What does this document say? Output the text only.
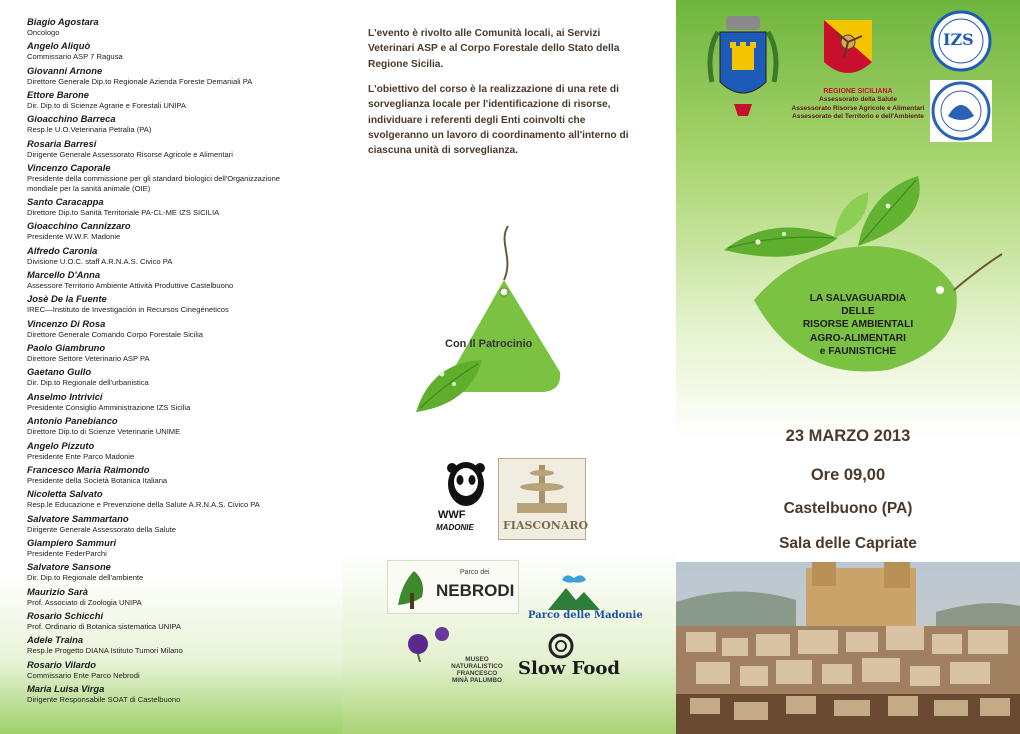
Biagio Agostara
Oncologo
Angelo Aliquò
Commissario ASP 7 Ragusa
Giovanni Arnone
Direttore Generale Dip.to Regionale Azienda Foreste Demaniali PA
Ettore Barone
Dir. Dip.to di Scienze Agrarie e Forestali UNIPA
Gioacchino Barreca
Resp.le U.O.Veterinaria Petralia (PA)
Rosaria Barresi
Dirigente Generale Assessorato Risorse Agricole e Alimentari
Vincenzo Caporale
Presidente della commissione per gli standard biologici dell'Organizzazione mondiale per la sanità animale (OIE)
Santo Caracappa
Direttore Dip.to Sanità Territoriale PA-CL-ME IZS SICILIA
Gioacchino Cannizzaro
Presidente W.W.F. Madonie
Alfredo Caronia
Divisione U.O.C. staff A.R.N.A.S. Civico PA
Marcello D'Anna
Assessore Territorio Ambiente Attività Produttive Castelbuono
Josè De la Fuente
IREC—Instituto de Investigación in Recursos Cinegéneticos
Vincenzo Di Rosa
Direttore Generale Comando Corpo Forestale Sicilia
Paolo Giambruno
Direttore Settore Veterinario ASP PA
Gaetano Gullo
Dir. Dip.to Regionale dell'urbanistica
Anselmo Intrivici
Presidente Consiglio Amministrazione IZS Sicilia
Antonio Panebianco
Direttore Dip.to di Scienze Veterinarie UNIME
Angelo Pizzuto
Presidente Ente Parco Madonie
Francesco Maria Raimondo
Presidente della Società Botanica Italiana
Nicoletta Salvato
Resp.le Educazione e Prevenzione della Salute A.R.N.A.S. Civico PA
Salvatore Sammartano
Dirigente Generale Assessorato della Salute
Giampiero Sammuri
Presidente FederParchi
Salvatore Sansone
Dir. Dip.to Regionale dell'ambiente
Maurizio Sarà
Prof. Associato di Zoologia UNIPA
Rosario Schicchi
Prof. Ordinario di Botanica sistematica UNIPA
Adele Traina
Resp.le Progetto DIANA Istituto Tumori Milano
Rosario Vilardo
Commissario Ente Parco Nebrodi
Maria Luisa Virga
Dirigente Responsabile SOAT di Castelbuono
L'evento è rivolto alle Comunità locali, ai Servizi Veterinari ASP e al Corpo Forestale dello Stato della Regione Sicilia.
L'obiettivo del corso è la realizzazione di una rete di sorveglianza locale per l'identificazione di risorse, individuare i referenti degli Enti coinvolti che svolgeranno un lavoro di coordinamento all'interno di ciascuna unità di sorveglianza.
Con Il Patrocinio
WWF
MADONIE	FIASCONARO
Parco dei
NEBRODI
Parco delle Madonie
MUSEO
NATURALISTICO
FRANCESCO
MINÀ PALUMBO
Slow Food
REGIONE SICILIANA
Assessorato della Salute
Assessorato Risorse Agricole e Alimentari
Assessorato del Territorio e dell'Ambiente
IZS
LA SALVAGUARDIA
DELLE
RISORSE AMBIENTALI
AGRO-ALIMENTARI
e FAUNISTICHE
23 MARZO 2013
Ore 09,00
Castelbuono (PA)
Sala delle Capriate
